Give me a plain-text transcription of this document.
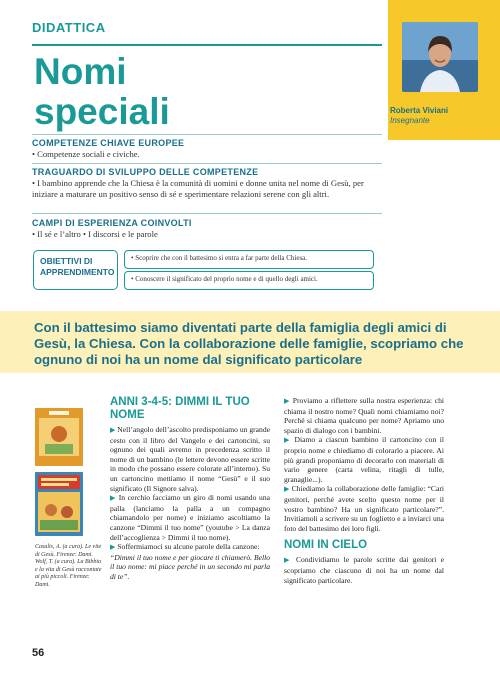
DIDATTICA
Nomi
speciali	Roberta Viviani
Insegnante
COMPETENZE CHIAVE EUROPEE

• Competenze sociali e civiche.

TRAGUARDO DI SVILUPPO DELLE COMPETENZE

• I bambino apprende che la Chiesa è la comunità di uomini e donne unita nel nome di Gesù, per iniziare a maturare un positivo senso di sé e sperimentare relazioni serene con gli altri.

CAMPI DI ESPERIENZA COINVOLTI

• Il sé e l’altro • I discorsi e le parole

OBIETTIVI DI
APPRENDIMENTO
• Scoprire che con il battesimo si entra a far parte della Chiesa.
• Conoscere il significato del proprio nome e di quello degli amici.

Con il battesimo siamo diventati parte della famiglia degli amici di Gesù, la Chiesa. Con la collaborazione delle famiglie, scopriamo che ognuno di noi ha un nome dal significato particolare

Casalis, A. (a cura). Le vite di Gesù. Firenze: Dami. Wolf, T. (a cura). La Bibbia e la vita di Gesù raccontate ai più piccoli. Firenze: Dami.
ANNI 3-4-5: DIMMI IL TUO NOME

▶ Nell’angolo dell’ascolto predisponiamo un grande cesto con il libro del Vangelo e dei cartoncini, su ognuno dei quali avremo in precedenza scritto il nome di un bambino (le lettere devono essere scritte in modo che possano essere colorate all’interno). Su un cartoncino mettiamo il nome “Gesù” e il suo significato (Il Signore salva).

▶ In cerchio facciamo un giro di nomi usando una palla (lanciamo la palla a un compagno chiamandolo per nome) e iniziamo ascoltiamo la canzone “Dimmi il tuo nome” (youtube > La danza dell’accoglienza > Dimmi il tuo nome).

▶ Soffermiamoci su alcune parole della canzone:

“Dimmi il tuo nome e per giocare ti chiamerò. Bello il tuo nome: mi piace perché in un secondo mi parla di te”.

▶ Proviamo a riflettere sulla nostra esperienza: chi chiama il nostro nome? Quali nomi chiamiamo noi? Perché si chiama qualcuno per nome? Apriamo uno spazio di dialogo con i bambini.

▶ Diamo a ciascun bambino il cartoncino con il proprio nome e chiediamo di colorarlo a piacere. Ai più grandi proponiamo di decorarlo con materiali di vario genere (carta velina, ritagli di tulle, granaglie...).

▶ Chiediamo la collaborazione delle famiglie: “Cari genitori, perché avete scelto questo nome per il vostro bambino? Ha un significato particolare?”. Invitiamoli a scrivere su un foglietto e a inviarci una foto del battesimo dei loro figli.

NOMI IN CIELO

▶ Condividiamo le parole scritte dai genitori e scopriamo che ciascuno di noi ha un nome dal significato particolare.

56
